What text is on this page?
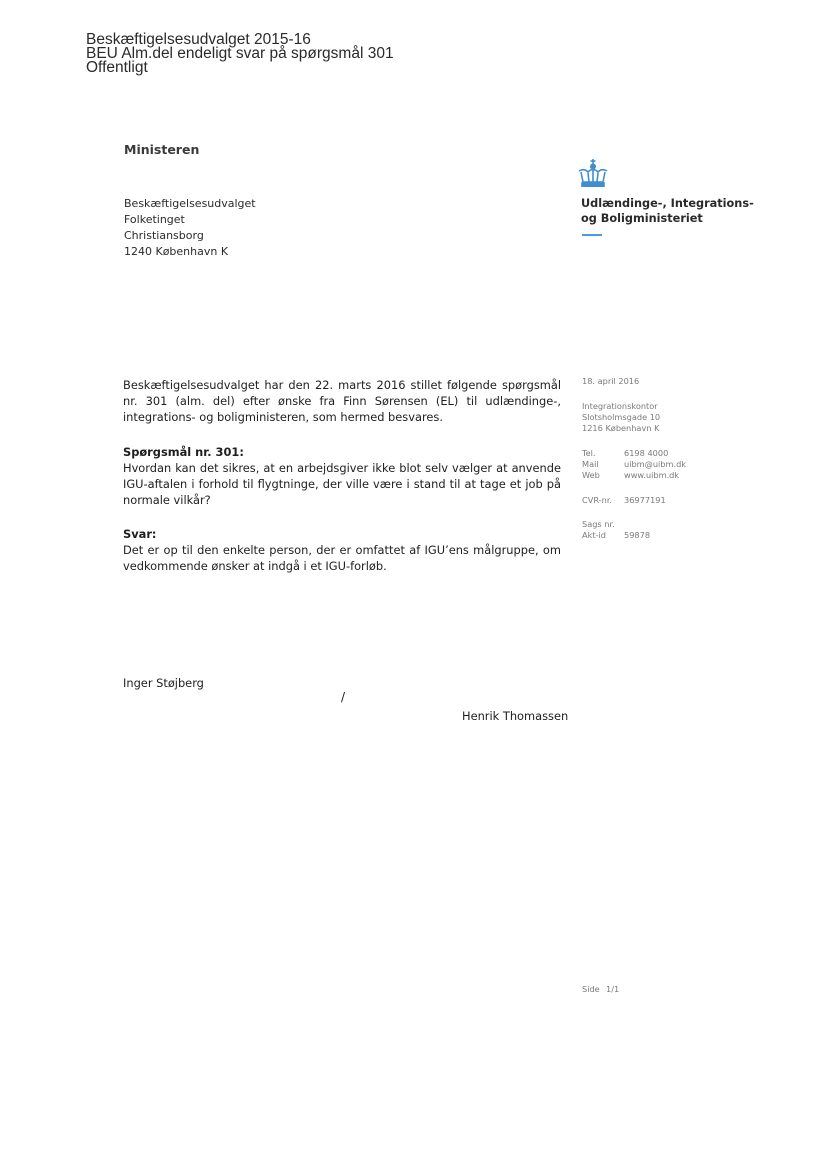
Beskæftigelsesudvalget 2015-16
BEU Alm.del endeligt svar på spørgsmål 301
Offentligt
Ministeren
Beskæftigelsesudvalget
Folketinget
Christiansborg
1240 København K
Udlændinge-, Integrations-
og Boligministeriet
Beskæftigelsesudvalget har den 22. marts 2016 stillet følgende spørgsmål nr. 301 (alm. del) efter ønske fra Finn Sørensen (EL) til udlændinge-, integrations- og boligministeren, som hermed besvares.
Spørgsmål nr. 301:
Hvordan kan det sikres, at en arbejdsgiver ikke blot selv vælger at anvende IGU-aftalen i forhold til flygtninge, der ville være i stand til at tage et job på normale vilkår?
Svar:
Det er op til den enkelte person, der er omfattet af IGU’ens målgruppe, om vedkommende ønsker at indgå i et IGU-forløb.
18. april 2016
Integrationskontor
Slotsholmsgade 10
1216 København K
Tel.	6198 4000
Mail	uibm@uibm.dk
Web	www.uibm.dk
CVR-nr.	36977191
Sags nr.
Akt-id	59878
Side 1/1
Inger Støjberg
/
Henrik Thomassen
